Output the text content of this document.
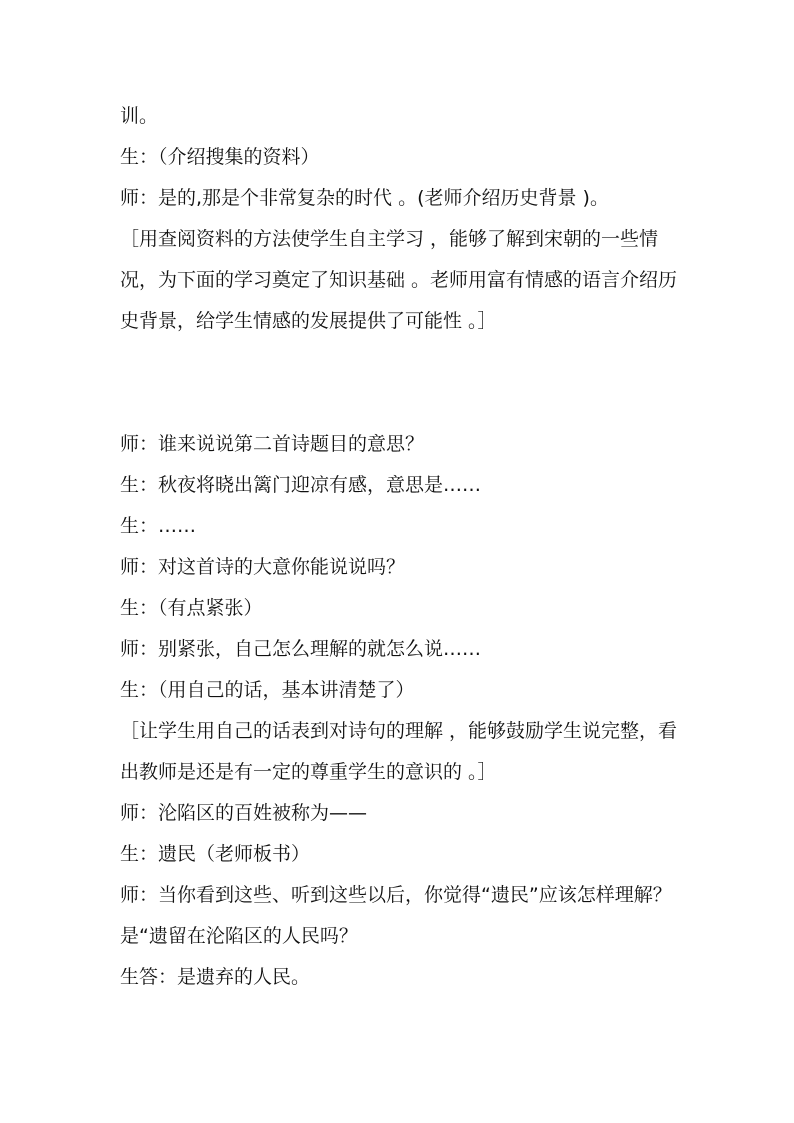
训。

生：（介绍搜集的资料）

师：是的,那是个非常复杂的时代 。(老师介绍历史背景 )。

［用查阅资料的方法使学生自主学习 ，能够了解到宋朝的一些情况，为下面的学习奠定了知识基础 。老师用富有情感的语言介绍历史背景，给学生情感的发展提供了可能性 。］

师：谁来说说第二首诗题目的意思？

生：秋夜将晓出篱门迎凉有感，意思是……

生：……

师：对这首诗的大意你能说说吗？

生：（有点紧张）

师：别紧张，自己怎么理解的就怎么说……

生：（用自己的话，基本讲清楚了）

［让学生用自己的话表到对诗句的理解 ，能够鼓励学生说完整，看出教师是还是有一定的尊重学生的意识的 。］

师：沦陷区的百姓被称为——

生：遗民（老师板书）

师：当你看到这些、听到这些以后，你觉得“遗民”应该怎样理解？是“遗留在沦陷区的人民吗？

生答：是遗弃的人民。
